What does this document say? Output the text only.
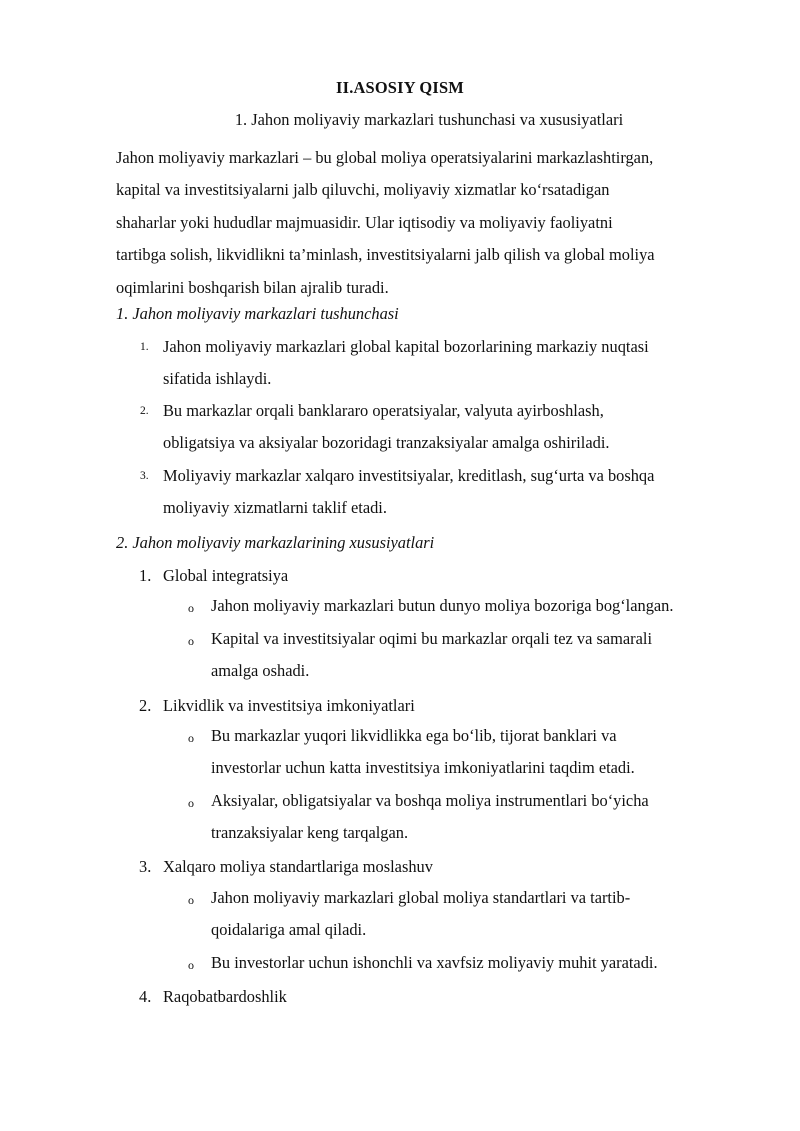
II.ASOSIY QISM
1. Jahon moliyaviy markazlari tushunchasi va xususiyatlari
Jahon moliyaviy markazlari – bu global moliya operatsiyalarini markazlashtirgan,
kapital va investitsiyalarni jalb qiluvchi, moliyaviy xizmatlar ko‘rsatadigan
shaharlar yoki hududlar majmuasidir. Ular iqtisodiy va moliyaviy faoliyatni
tartibga solish, likvidlikni ta’minlash, investitsiyalarni jalb qilish va global moliya
oqimlarini boshqarish bilan ajralib turadi.
1. Jahon moliyaviy markazlari tushunchasi
1. Jahon moliyaviy markazlari global kapital bozorlarining markaziy nuqtasi
sifatida ishlaydi.
2. Bu markazlar orqali banklararo operatsiyalar, valyuta ayirboshlash,
obligatsiya va aksiyalar bozoridagi tranzaksiyalar amalga oshiriladi.
3. Moliyaviy markazlar xalqaro investitsiyalar, kreditlash, sug‘urta va boshqa
moliyaviy xizmatlarni taklif etadi.
2. Jahon moliyaviy markazlarining xususiyatlari
1. Global integratsiya
o Jahon moliyaviy markazlari butun dunyo moliya bozoriga bog‘langan.
o Kapital va investitsiyalar oqimi bu markazlar orqali tez va samarali
amalga oshadi.
2. Likvidlik va investitsiya imkoniyatlari
o Bu markazlar yuqori likvidlikka ega bo‘lib, tijorat banklari va
investorlar uchun katta investitsiya imkoniyatlarini taqdim etadi.
o Aksiyalar, obligatsiyalar va boshqa moliya instrumentlari bo‘yicha
tranzaksiyalar keng tarqalgan.
3. Xalqaro moliya standartlariga moslashuv
o Jahon moliyaviy markazlari global moliya standartlari va tartib-
qoidalariga amal qiladi.
o Bu investorlar uchun ishonchli va xavfsiz moliyaviy muhit yaratadi.
4. Raqobatbardoshlik
